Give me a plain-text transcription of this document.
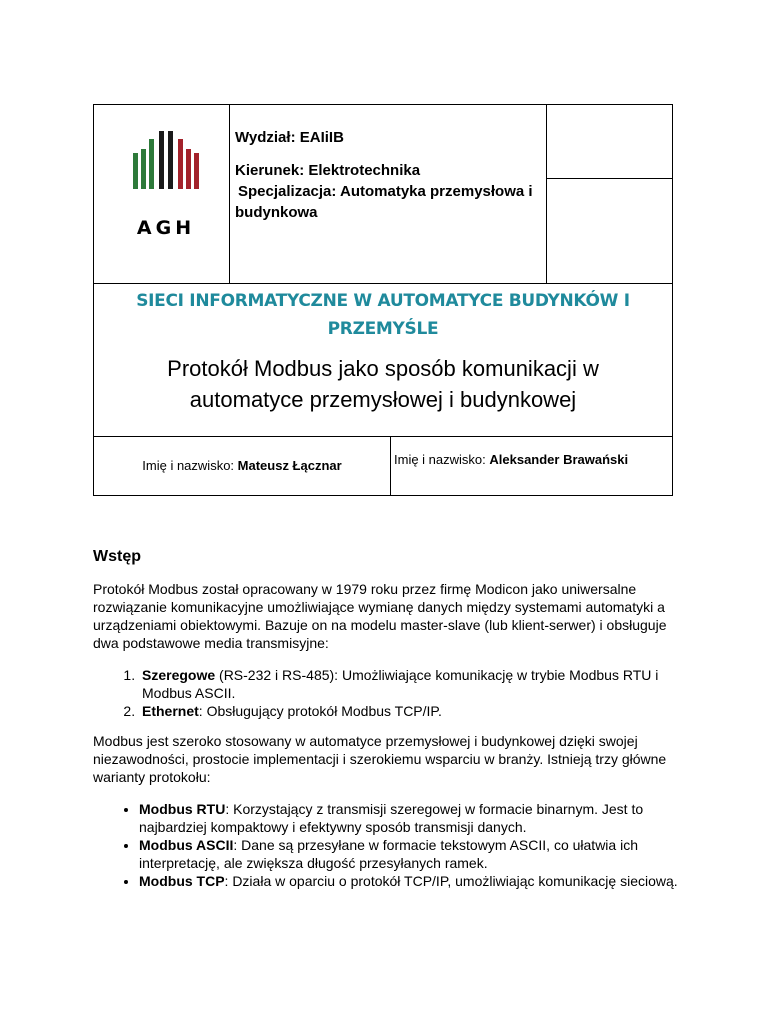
AGH

Wydział: EAIiIB

Kierunek: Elektrotechnika

Specjalizacja: Automatyka przemysłowa i budynkowa

SIECI INFORMATYCZNE W AUTOMATYCE BUDYNKÓW I PRZEMYŚLE
Protokół Modbus jako sposób komunikacji w automatyce przemysłowej i budynkowej
Imię i nazwisko: Mateusz Łącznar	Imię i nazwisko: Aleksander Brawański
Wstęp

Protokół Modbus został opracowany w 1979 roku przez firmę Modicon jako uniwersalne rozwiązanie komunikacyjne umożliwiające wymianę danych między systemami automatyki a urządzeniami obiektowymi. Bazuje on na modelu master-slave (lub klient-serwer) i obsługuje dwa podstawowe media transmisyjne:

1. Szeregowe (RS-232 i RS-485): Umożliwiające komunikację w trybie Modbus RTU i Modbus ASCII.
2. Ethernet: Obsługujący protokół Modbus TCP/IP.

Modbus jest szeroko stosowany w automatyce przemysłowej i budynkowej dzięki swojej niezawodności, prostocie implementacji i szerokiemu wsparciu w branży. Istnieją trzy główne warianty protokołu:

• Modbus RTU: Korzystający z transmisji szeregowej w formacie binarnym. Jest to najbardziej kompaktowy i efektywny sposób transmisji danych.
• Modbus ASCII: Dane są przesyłane w formacie tekstowym ASCII, co ułatwia ich interpretację, ale zwiększa długość przesyłanych ramek.
• Modbus TCP: Działa w oparciu o protokół TCP/IP, umożliwiając komunikację sieciową.
